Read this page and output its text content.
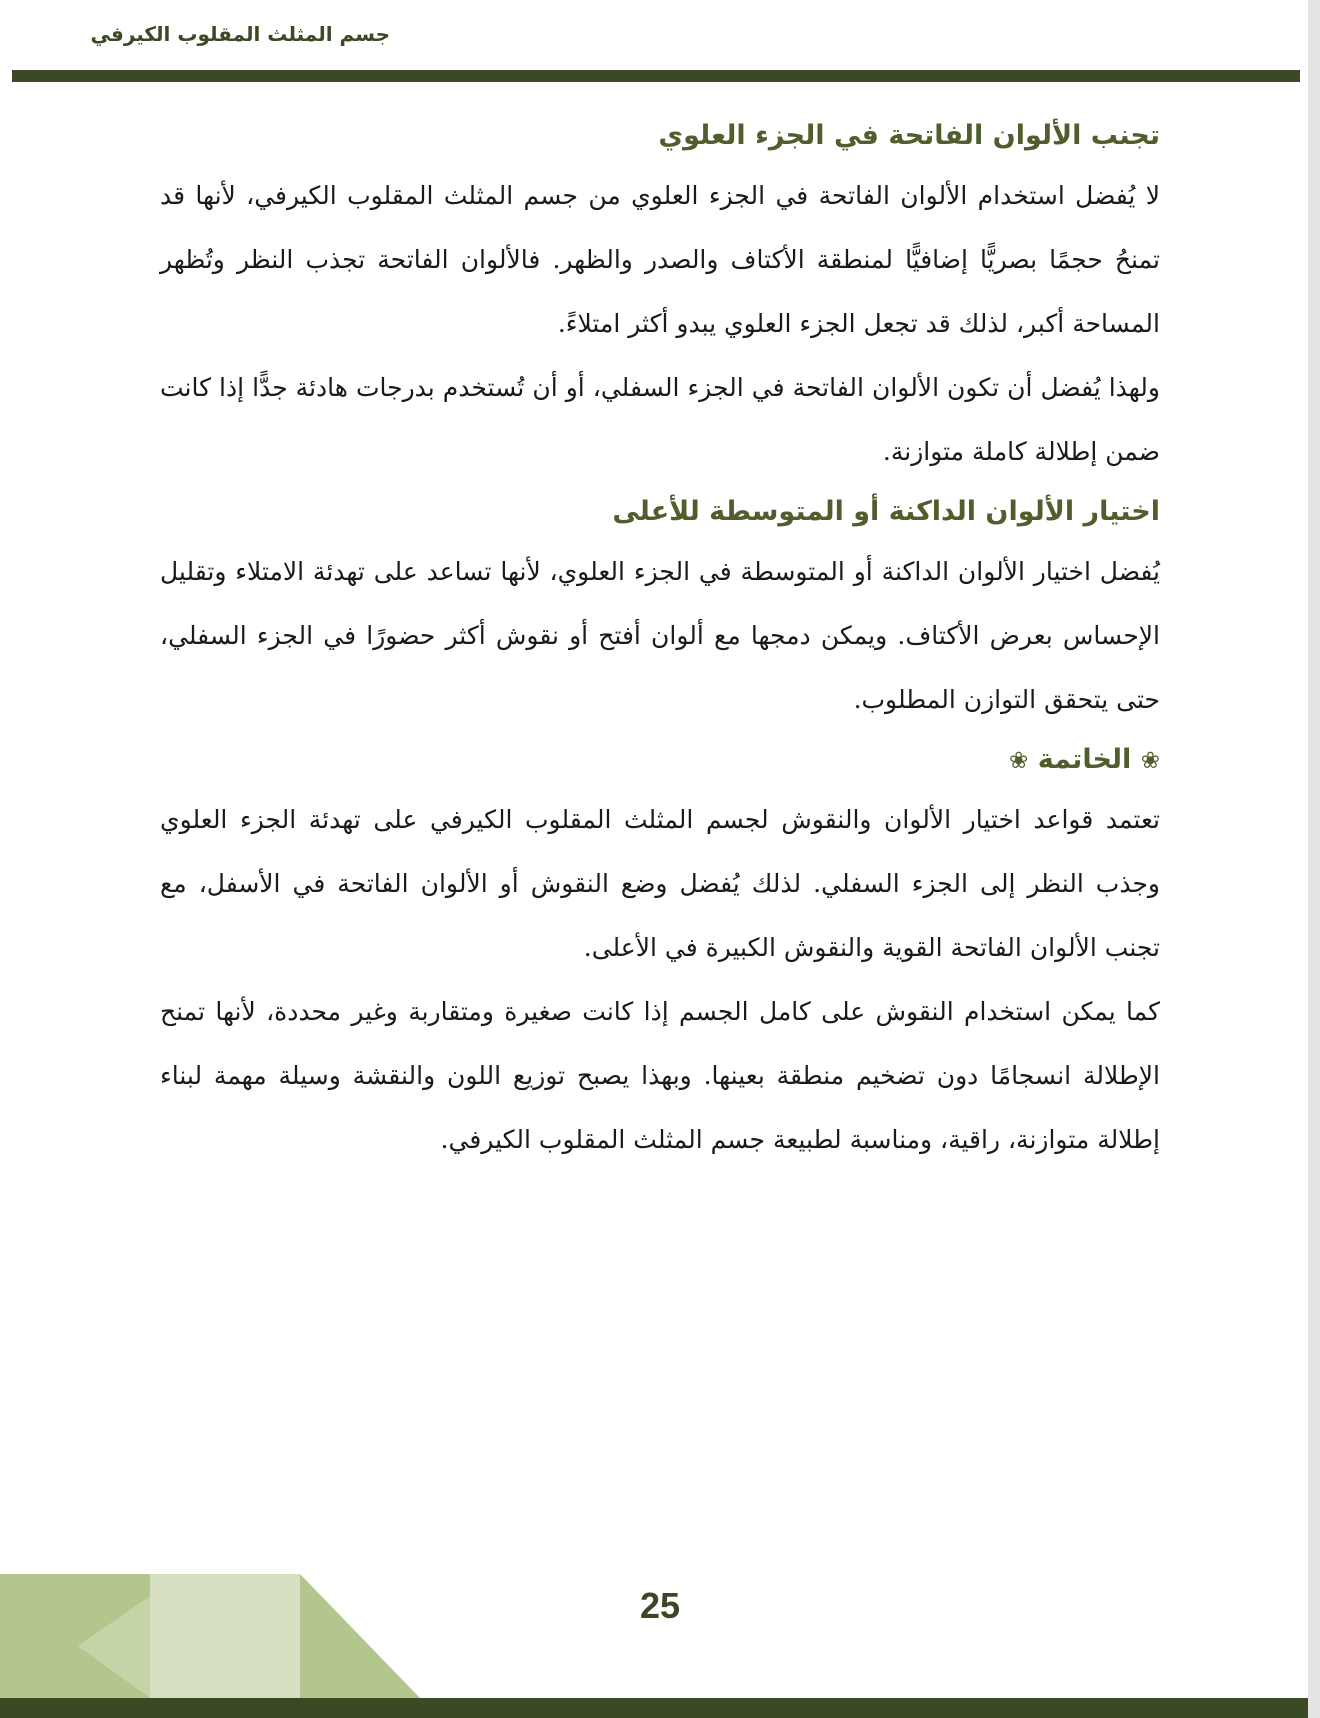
جسم المثلث المقلوب الكيرفي
تجنب الألوان الفاتحة في الجزء العلوي

لا يُفضل استخدام الألوان الفاتحة في الجزء العلوي من جسم المثلث المقلوب الكيرفي، لأنها قد تمنحُ حجمًا بصريًّا إضافيًّا لمنطقة الأكتاف والصدر والظهر. فالألوان الفاتحة تجذب النظر وتُظهر المساحة أكبر، لذلك قد تجعل الجزء العلوي يبدو أكثر امتلاءً.

ولهذا يُفضل أن تكون الألوان الفاتحة في الجزء السفلي، أو أن تُستخدم بدرجات هادئة جدًّا إذا كانت ضمن إطلالة كاملة متوازنة.

اختيار الألوان الداكنة أو المتوسطة للأعلى

يُفضل اختيار الألوان الداكنة أو المتوسطة في الجزء العلوي، لأنها تساعد على تهدئة الامتلاء وتقليل الإحساس بعرض الأكتاف. ويمكن دمجها مع ألوان أفتح أو نقوش أكثر حضورًا في الجزء السفلي، حتى يتحقق التوازن المطلوب.

❀ الخاتمة ❀

تعتمد قواعد اختيار الألوان والنقوش لجسم المثلث المقلوب الكيرفي على تهدئة الجزء العلوي وجذب النظر إلى الجزء السفلي. لذلك يُفضل وضع النقوش أو الألوان الفاتحة في الأسفل، مع تجنب الألوان الفاتحة القوية والنقوش الكبيرة في الأعلى.

كما يمكن استخدام النقوش على كامل الجسم إذا كانت صغيرة ومتقاربة وغير محددة، لأنها تمنح الإطلالة انسجامًا دون تضخيم منطقة بعينها. وبهذا يصبح توزيع اللون والنقشة وسيلة مهمة لبناء إطلالة متوازنة، راقية، ومناسبة لطبيعة جسم المثلث المقلوب الكيرفي.

25
